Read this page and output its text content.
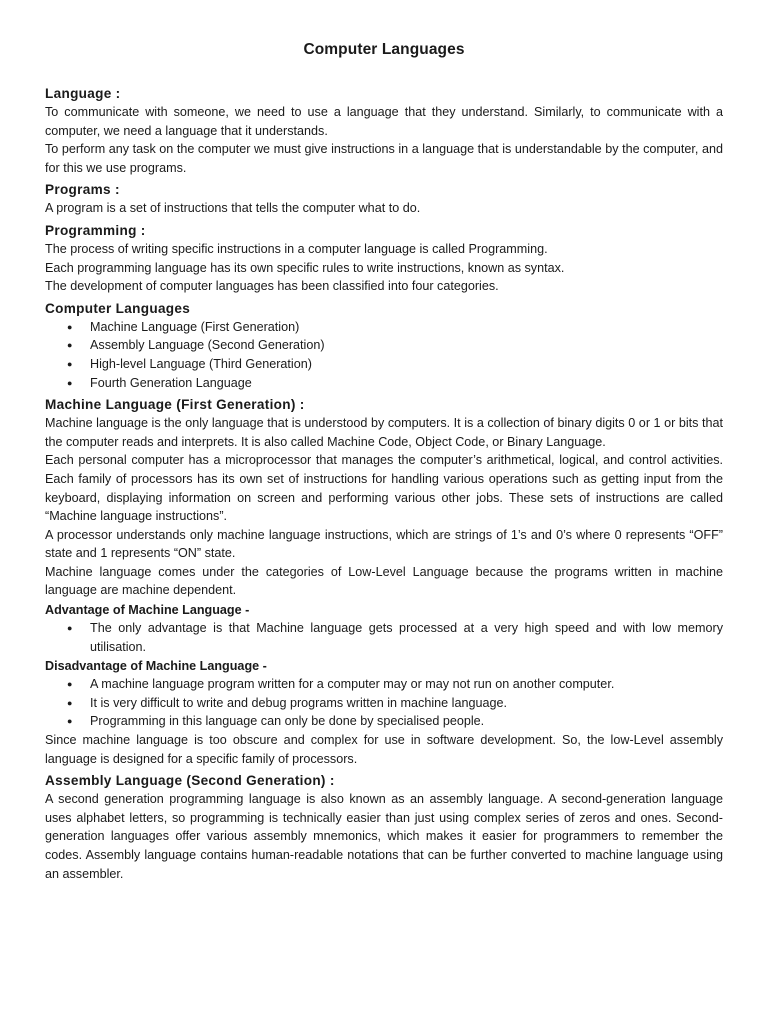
Computer Languages
Language :

To communicate with someone, we need to use a language that they understand. Similarly, to communicate with a computer, we need a language that it understands.

To perform any task on the computer we must give instructions in a language that is understandable by the computer, and for this we use programs.

Programs :

A program is a set of instructions that tells the computer what to do.

Programming :

The process of writing specific instructions in a computer language is called Programming.

Each programming language has its own specific rules to write instructions, known as syntax.

The development of computer languages has been classified into four categories.

Computer Languages
● Machine Language (First Generation)
● Assembly Language (Second Generation)
● High-level Language (Third Generation)
● Fourth Generation Language
Machine Language (First Generation) :

Machine language is the only language that is understood by computers. It is a collection of binary digits 0 or 1 or bits that the computer reads and interprets. It is also called Machine Code, Object Code, or Binary Language.

Each personal computer has a microprocessor that manages the computer’s arithmetical, logical, and control activities. Each family of processors has its own set of instructions for handling various operations such as getting input from the keyboard, displaying information on screen and performing various other jobs. These sets of instructions are called “Machine language instructions”.

A processor understands only machine language instructions, which are strings of 1’s and 0’s where 0 represents “OFF” state and 1 represents “ON” state.

Machine language comes under the categories of Low-Level Language because the programs written in machine language are machine dependent.

Advantage of Machine Language -
● The only advantage is that Machine language gets processed at a very high speed and with low memory utilisation.
Disadvantage of Machine Language -
● A machine language program written for a computer may or may not run on another computer.
● It is very difficult to write and debug programs written in machine language.
● Programming in this language can only be done by specialised people.

Since machine language is too obscure and complex for use in software development. So, the low-Level assembly language is designed for a specific family of processors.

Assembly Language (Second Generation) :

A second generation programming language is also known as an assembly language. A second-generation language uses alphabet letters, so programming is technically easier than just using complex series of zeros and ones. Second-generation languages offer various assembly mnemonics, which makes it easier for programmers to remember the codes. Assembly language contains human-readable notations that can be further converted to machine language using an assembler.
